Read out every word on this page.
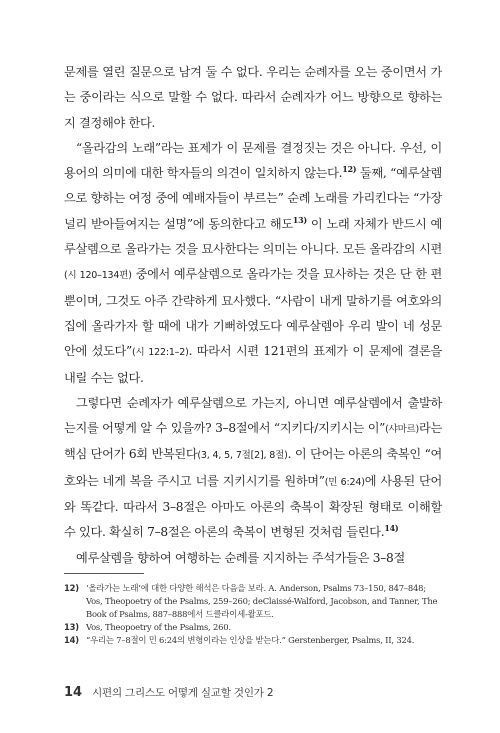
문제를 열린 질문으로 남겨 둘 수 없다. 우리는 순례자를 오는 중이면서 가는 중이라는 식으로 말할 수 없다. 따라서 순례자가 어느 방향으로 향하는지 결정해야 한다.

“올라감의 노래”라는 표제가 이 문제를 결정짓는 것은 아니다. 우선, 이 용어의 의미에 대한 학자들의 의견이 일치하지 않는다.$^{12)}$ 둘째, “예루살렘으로 향하는 여정 중에 예배자들이 부르는” 순례 노래를 가리킨다는 “가장 널리 받아들여지는 설명”에 동의한다고 해도$^{13)}$ 이 노래 자체가 반드시 예루살렘으로 올라가는 것을 묘사한다는 의미는 아니다. 모든 올라감의 시편(시 120–134편) 중에서 예루살렘으로 올라가는 것을 묘사하는 것은 단 한 편뿐이며, 그것도 아주 간략하게 묘사했다. “사람이 내게 말하기를 여호와의 집에 올라가자 할 때에 내가 기뻐하였도다 예루살렘아 우리 발이 네 성문 안에 섰도다”(시 122:1–2). 따라서 시편 121편의 표제가 이 문제에 결론을 내릴 수는 없다.

그렇다면 순례자가 예루살렘으로 가는지, 아니면 예루살렘에서 출발하는지를 어떻게 알 수 있을까? 3–8절에서 “지키다/지키시는 이”(샤마르)라는 핵심 단어가 6회 반복된다(3, 4, 5, 7절[2], 8절). 이 단어는 아론의 축복인 “여호와는 네게 복을 주시고 너를 지키시기를 원하며”(민 6:24)에 사용된 단어와 똑같다. 따라서 3–8절은 아마도 아론의 축복이 확장된 형태로 이해할 수 있다. 확실히 7–8절은 아론의 축복이 변형된 것처럼 들린다.$^{14)}$

예루살렘을 향하여 여행하는 순례를 지지하는 주석가들은 3–8절

12) ‘올라가는 노래’에 대한 다양한 해석은 다음을 보라. A. Anderson, Psalms 73–150, 847–848; Vos, Theopoetry of the Psalms, 259–260; deClaissé-Walford, Jacobson, and Tanner, The Book of Psalms, 887–888에서 드클라이세-왈포드.
13) Vos, Theopoetry of the Psalms, 260.
14) “우리는 7–8절이 민 6:24의 변형이라는 인상을 받는다.” Gerstenberger, Psalms, II, 324.
14 시편의 그리스도 어떻게 실교할 것인가 2
